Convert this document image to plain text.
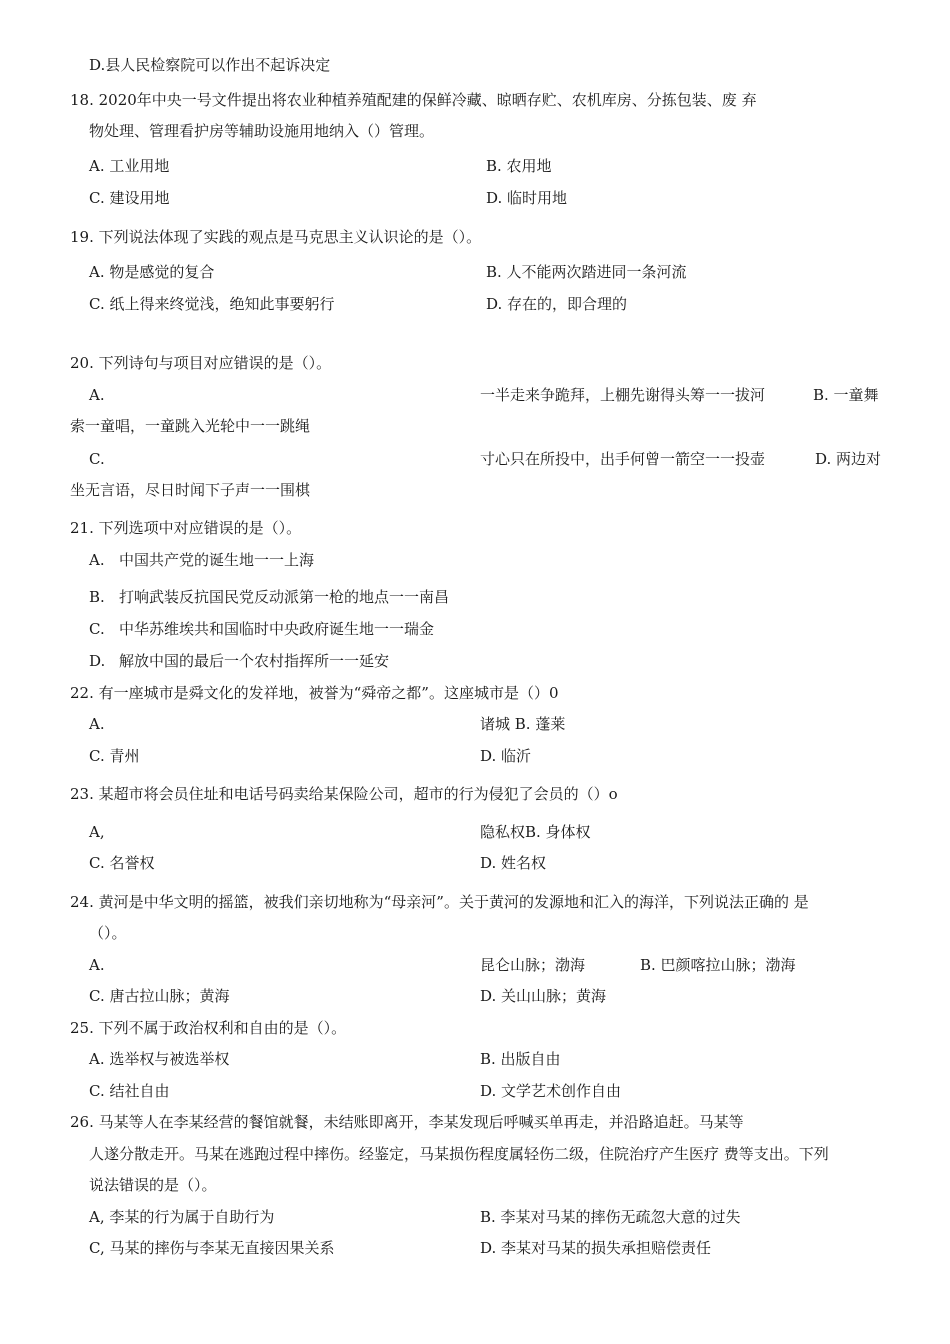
D.县人民检察院可以作出不起诉决定
18. 2020年中央一号文件提出将农业种植养殖配建的保鲜冷藏、晾晒存贮、农机库房、分拣包装、废 弃
物处理、管理看护房等辅助设施用地纳入（）管理。
A. 工业用地	B. 农用地
C. 建设用地	D. 临时用地
19. 下列说法体现了实践的观点是马克思主义认识论的是（）。
A. 物是感觉的复合	B. 人不能两次踏进同一条河流
C. 纸上得来终觉浅，绝知此事要躬行	D. 存在的，即合理的
20. 下列诗句与项目对应错误的是（）。
A.	一半走来争跪拜，上棚先谢得头筹一一拔河	B. 一童舞
索一童唱，一童跳入光轮中一一跳绳
C.	寸心只在所投中，出手何曾一箭空一一投壶	D. 两边对
坐无言语，尽日时闻下子声一一围棋
21. 下列选项中对应错误的是（）。
A. 中国共产党的诞生地一一上海
B. 打响武装反抗国民党反动派第一枪的地点一一南昌
C. 中华苏维埃共和国临时中央政府诞生地一一瑞金
D. 解放中国的最后一个农村指挥所一一延安
22. 有一座城市是舜文化的发祥地，被誉为“舜帝之都”。这座城市是（）0
A.	诸城 B. 蓬莱
C. 青州	D. 临沂
23. 某超市将会员住址和电话号码卖给某保险公司，超市的行为侵犯了会员的（）o
A,	隐私权B. 身体权
C. 名誉权	D. 姓名权
24. 黄河是中华文明的摇篮，被我们亲切地称为“母亲河”。关于黄河的发源地和汇入的海洋，下列说法正确的 是
（）。
A.	昆仑山脉；渤海	B. 巴颜喀拉山脉；渤海
C. 唐古拉山脉；黄海	D. 关山山脉；黄海
25. 下列不属于政治权利和自由的是（）。
A. 选举权与被选举权	B. 出版自由
C. 结社自由	D. 文学艺术创作自由
26. 马某等人在李某经营的餐馆就餐，未结账即离开，李某发现后呼喊买单再走，并沿路追赶。马某等
人遂分散走开。马某在逃跑过程中摔伤。经鉴定，马某损伤程度属轻伤二级，住院治疗产生医疗 费等支出。下列
说法错误的是（）。
A, 李某的行为属于自助行为	B. 李某对马某的摔伤无疏忽大意的过失
C, 马某的摔伤与李某无直接因果关系	D. 李某对马某的损失承担赔偿责任
